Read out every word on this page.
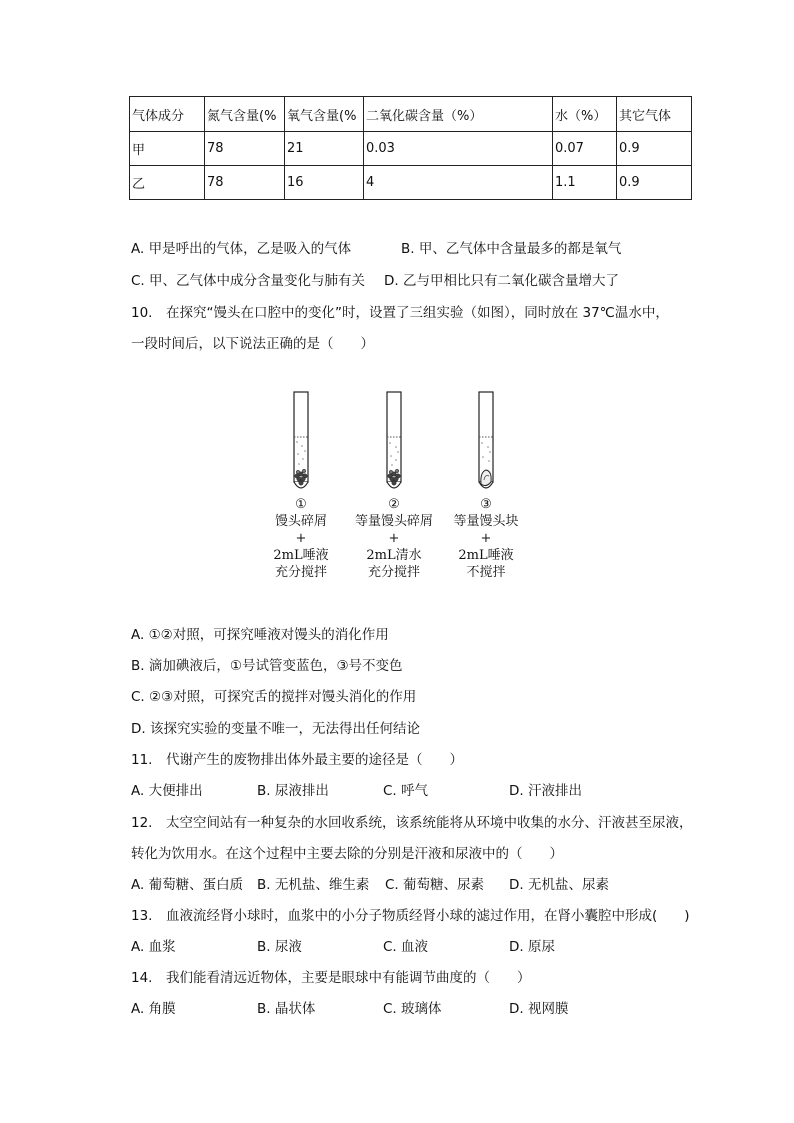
气体成分	氮气含量(%	氧气含量(%	二氧化碳含量（%）	水（%）	其它气体
甲	78	21	0.03	0.07	0.9
乙	78	16	4	1.1	0.9
A. 甲是呼出的气体，乙是吸入的气体	B. 甲、乙气体中含量最多的都是氧气
C. 甲、乙气体中成分含量变化与肺有关 D. 乙与甲相比只有二氧化碳含量增大了
10.　在探究“馒头在口腔中的变化”时，设置了三组实验（如图），同时放在 37℃温水中，
一段时间后，以下说法正确的是（　　）
①
馒头碎屑
+
2mL唾液
充分搅拌
②
等量馒头碎屑
+
2mL清水
充分搅拌
③
等量馒头块
+
2mL唾液
不搅拌
A. ①②对照，可探究唾液对馒头的消化作用
B. 滴加碘液后，①号试管变蓝色，③号不变色
C. ②③对照，可探究舌的搅拌对馒头消化的作用
D. 该探究实验的变量不唯一，无法得出任何结论
11.　代谢产生的废物排出体外最主要的途径是（　　）
A. 大便排出	B. 尿液排出	C. 呼气	D. 汗液排出
12.　太空空间站有一种复杂的水回收系统，该系统能将从环境中收集的水分、汗液甚至尿液，
转化为饮用水。在这个过程中主要去除的分别是汗液和尿液中的（　　）
A. 葡萄糖、蛋白质 B. 无机盐、维生素 C. 葡萄糖、尿素 D. 无机盐、尿素
13.　血液流经肾小球时，血浆中的小分子物质经肾小球的滤过作用，在肾小囊腔中形成(　　)
A. 血浆	B. 尿液	C. 血液	D. 原尿
14.　我们能看清远近物体，主要是眼球中有能调节曲度的（　　）
A. 角膜	B. 晶状体	C. 玻璃体	D. 视网膜
